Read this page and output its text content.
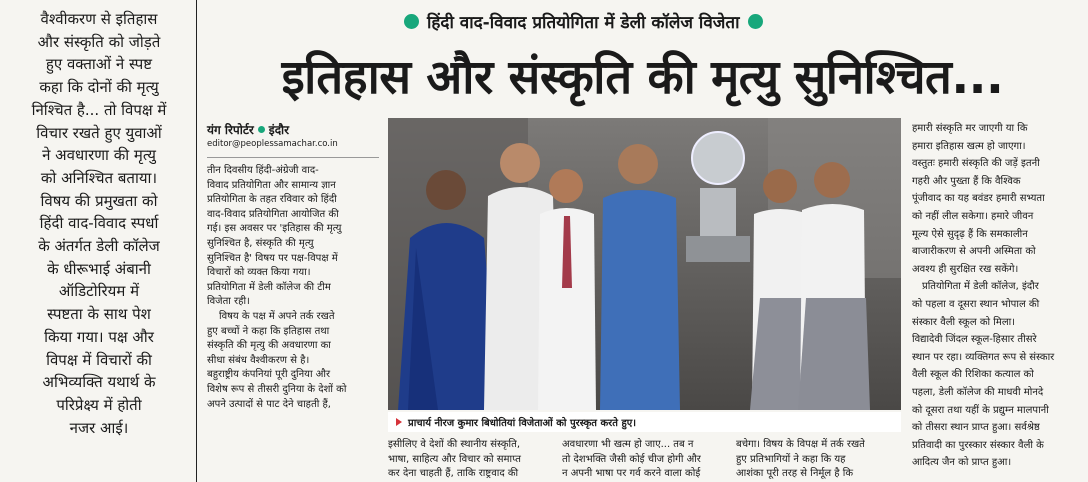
वैश्वीकरण से इतिहास
और संस्कृति को जोड़ते
हुए वक्ताओं ने स्पष्ट
कहा कि दोनों की मृत्यु
निश्चित है... तो विपक्ष में
विचार रखते हुए युवाओं
ने अवधारणा की मृत्यु
को अनिश्चित बताया।
विषय की प्रमुखता को
हिंदी वाद-विवाद स्पर्धा
के अंतर्गत डेली कॉलेज
के धीरूभाई अंबानी
ऑडिटोरियम में
स्पष्टता के साथ पेश
किया गया। पक्ष और
विपक्ष में विचारों की
अभिव्यक्ति यथार्थ के
परिप्रेक्ष्य में होती
नजर आई।
हिंदी वाद-विवाद प्रतियोगिता में डेली कॉलेज विजेता
इतिहास और संस्कृति की मृत्यु सुनिश्चित...
यंग रिपोर्टर इंदौर
editor@peoplessamachar.co.in
तीन दिवसीय हिंदी-अंग्रेजी वाद-
विवाद प्रतियोगिता और सामान्य ज्ञान
प्रतियोगिता के तहत रविवार को हिंदी
वाद-विवाद प्रतियोगिता आयोजित की
गई। इस अवसर पर 'इतिहास की मृत्यु
सुनिश्चित है, संस्कृति की मृत्यु
सुनिश्चित है' विषय पर पक्ष-विपक्ष में
विचारों को व्यक्त किया गया।
प्रतियोगिता में डेली कॉलेज की टीम
विजेता रही।
विषय के पक्ष में अपने तर्क रखते
हुए बच्चों ने कहा कि इतिहास तथा
संस्कृति की मृत्यु की अवधारणा का
सीधा संबंध वैश्वीकरण से है।
बहुराष्ट्रीय कंपनियां पूरी दुनिया और
विशेष रूप से तीसरी दुनिया के देशों को
अपने उत्पादों से पाट देने चाहती हैं,
प्राचार्य नीरज कुमार बिधोतियां विजेताओं को पुरस्कृत करते हुए।
इसीलिए वे देशों की स्थानीय संस्कृति,
भाषा, साहित्य और विचार को समाप्त
कर देना चाहती हैं, ताकि राष्ट्रवाद की
अवधारणा भी खत्म हो जाए... तब न
तो देशभक्ति जैसी कोई चीज होगी और
न अपनी भाषा पर गर्व करने वाला कोई
बचेगा। विषय के विपक्ष में तर्क रखते
हुए प्रतिभागियों ने कहा कि यह
आशंका पूरी तरह से निर्मूल है कि
हमारी संस्कृति मर जाएगी या कि
हमारा इतिहास खत्म हो जाएगा।
वस्तुतः हमारी संस्कृति की जड़ें इतनी
गहरी और पुख्ता हैं कि वैश्विक
पूंजीवाद का यह बवंडर हमारी सभ्यता
को नहीं लील सकेगा। हमारे जीवन
मूल्य ऐसे सुदृढ़ हैं कि समकालीन
बाजारीकरण से अपनी अस्मिता को
अवश्य ही सुरक्षित रख सकेंगे।
प्रतियोगिता में डेली कॉलेज, इंदौर
को पहला व दूसरा स्थान भोपाल की
संस्कार वैली स्कूल को मिला।
विद्यादेवी जिंदल स्कूल-हिसार तीसरे
स्थान पर रहा। व्यक्तिगत रूप से संस्कार
वैली स्कूल की रिशिका कत्याल को
पहला, डेली कॉलेज की माधवी मोनदे
को दूसरा तथा यहीं के प्रद्युम्न मालपानी
को तीसरा स्थान प्राप्त हुआ। सर्वश्रेष्ठ
प्रतिवादी का पुरस्कार संस्कार वैली के
आदित्य जैन को प्राप्त हुआ।
